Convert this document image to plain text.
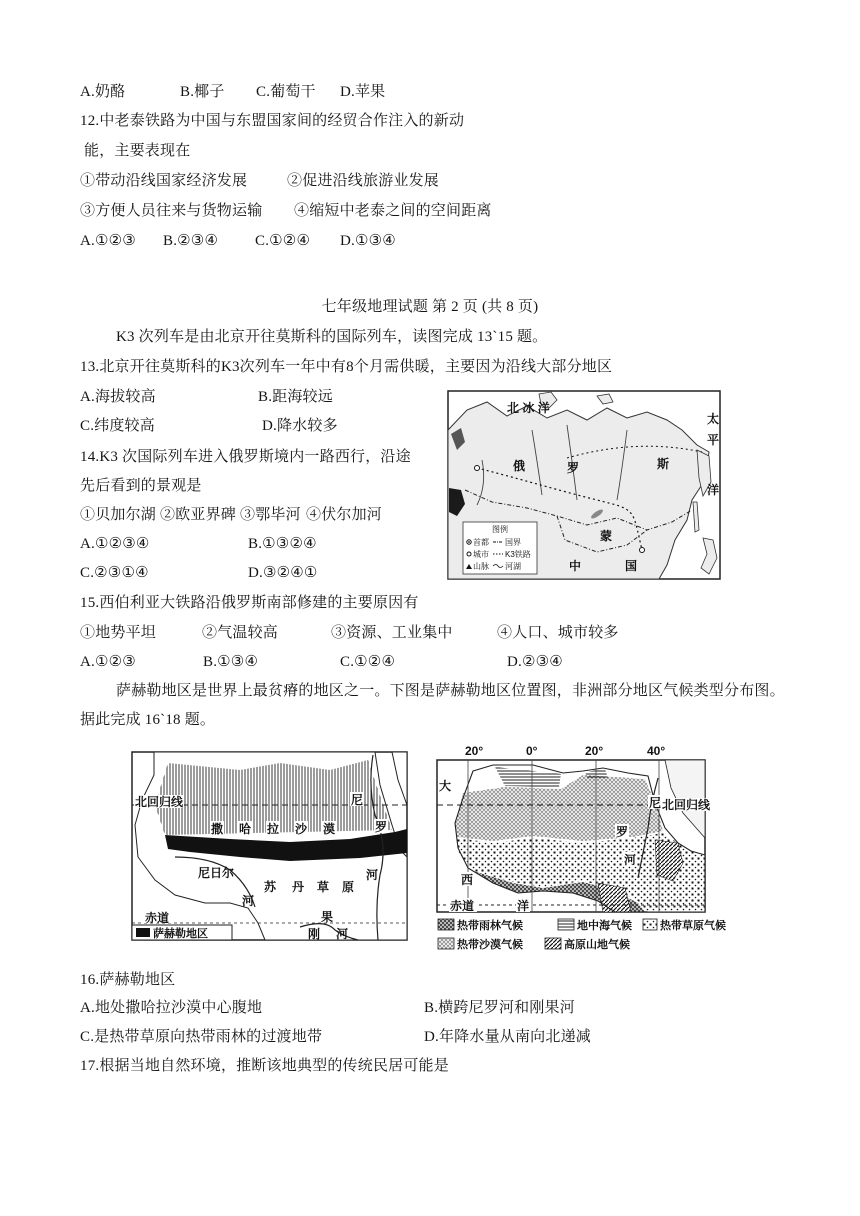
A.奶酪	B.椰子 C.葡萄干 D.苹果
12.中老泰铁路为中国与东盟国家间的经贸合作注入的新动
能，主要表现在
①带动沿线国家经济发展	②促进沿线旅游业发展
③方便人员往来与货物运输 ④缩短中老泰之间的空间距离
A.①②③ B.②③④ C.①②④ D.①③④
七年级地理试题 第 2 页 (共 8 页)
K3 次列车是由北京开往莫斯科的国际列车，读图完成 13`15 题。
13.北京开往莫斯科的K3次列车一年中有8个月需供暖，主要因为沿线大部分地区
A.海拔较高	B.距海较远
C.纬度较高	D.降水较多
14.K3 次国际列车进入俄罗斯境内一路西行，沿途
先后看到的景观是
①贝加尔湖 ②欧亚界碑 ③鄂毕河 ④伏尔加河
A.①②③④	B.①③②④
C.②③①④	D.③②④①
北 冰 洋
太
平
洋
俄	罗	斯
蒙
中	国
图例
首都 国界
城市 K3铁路
山脉 河湖
15.西伯利亚大铁路沿俄罗斯南部修建的主要原因有
①地势平坦	②气温较高	③资源、工业集中	④人口、城市较多
A.①②③	B.①③④	C.①②④	D.②③④
萨赫勒地区是世界上最贫瘠的地区之一。下图是萨赫勒地区位置图，非洲部分地区气候类型分布图。
据此完成 16`18 题。
北回归线
撒 哈 拉 沙 漠
尼
罗
河
尼日尔
河
苏 丹 草 原
刚
果
河
萨赫勒地区
赤道
20°	0°	20°	40°
北回归线
大
西
洋
赤道
尼
罗
河
热带雨林气候	地中海气候	热带草原气候
热带沙漠气候	高原山地气候
16.萨赫勒地区
A.地处撒哈拉沙漠中心腹地	B.横跨尼罗河和刚果河
C.是热带草原向热带雨林的过渡地带	D.年降水量从南向北递减
17.根据当地自然环境，推断该地典型的传统民居可能是
